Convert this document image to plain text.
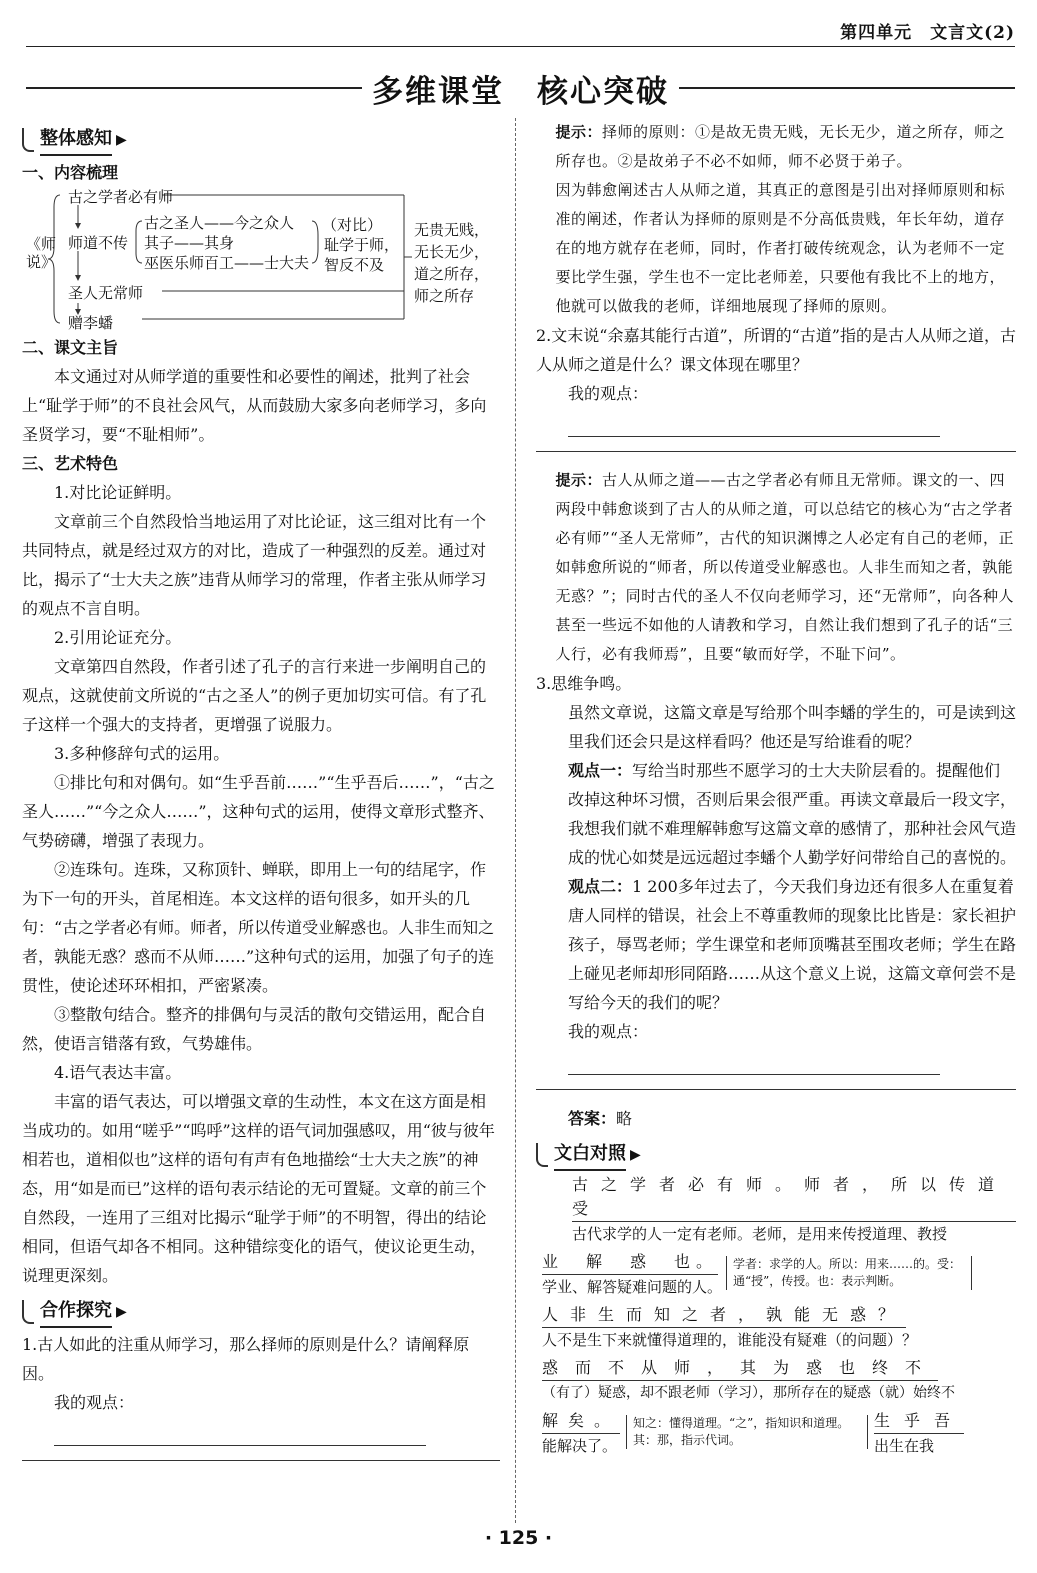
第四单元　文言文(2)
多维课堂　核心突破
整体感知 ▶
一、内容梳理
《师说》
古之学者必有师
师道不传
古之圣人——今之众人
其子——其身
巫医乐师百工——士大夫
（对比）
耻学于师，智反不及
圣人无常师
赠李蟠
无贵无贱，无长无少，道之所存，师之所存
二、课文主旨

本文通过对从师学道的重要性和必要性的阐述，批判了社会上“耻学于师”的不良社会风气，从而鼓励大家多向老师学习，多向圣贤学习，要“不耻相师”。

三、艺术特色

1.对比论证鲜明。

文章前三个自然段恰当地运用了对比论证，这三组对比有一个共同特点，就是经过双方的对比，造成了一种强烈的反差。通过对比，揭示了“士大夫之族”违背从师学习的常理，作者主张从师学习的观点不言自明。

2.引用论证充分。

文章第四自然段，作者引述了孔子的言行来进一步阐明自己的观点，这就使前文所说的“古之圣人”的例子更加切实可信。有了孔子这样一个强大的支持者，更增强了说服力。

3.多种修辞句式的运用。

①排比句和对偶句。如“生乎吾前……”“生乎吾后……”，“古之圣人……”“今之众人……”，这种句式的运用，使得文章形式整齐、气势磅礴，增强了表现力。

②连珠句。连珠，又称顶针、蝉联，即用上一句的结尾字，作为下一句的开头，首尾相连。本文这样的语句很多，如开头的几句：“古之学者必有师。师者，所以传道受业解惑也。人非生而知之者，孰能无惑？惑而不从师……”这种句式的运用，加强了句子的连贯性，使论述环环相扣，严密紧凑。

③整散句结合。整齐的排偶句与灵活的散句交错运用，配合自然，使语言错落有致，气势雄伟。

4.语气表达丰富。

丰富的语气表达，可以增强文章的生动性，本文在这方面是相当成功的。如用“嗟乎”“呜呼”这样的语气词加强感叹，用“彼与彼年相若也，道相似也”这样的语句有声有色地描绘“士大夫之族”的神态，用“如是而已”这样的语句表示结论的无可置疑。文章的前三个自然段，一连用了三组对比揭示“耻学于师”的不明智，得出的结论相同，但语气却各不相同。这种错综变化的语气，使议论更生动，说理更深刻。

合作探究 ▶

1.古人如此的注重从师学习，那么择师的原则是什么？请阐释原因。

我的观点：

提示：择师的原则：①是故无贵无贱，无长无少，道之所存，师之所存也。②是故弟子不必不如师，师不必贤于弟子。

因为韩愈阐述古人从师之道，其真正的意图是引出对择师原则和标准的阐述，作者认为择师的原则是不分高低贵贱，年长年幼，道存在的地方就存在老师，同时，作者打破传统观念，认为老师不一定要比学生强，学生也不一定比老师差，只要他有我比不上的地方，他就可以做我的老师，详细地展现了择师的原则。

2.文末说“余嘉其能行古道”，所谓的“古道”指的是古人从师之道，古人从师之道是什么？课文体现在哪里？

我的观点：

提示：古人从师之道——古之学者必有师且无常师。课文的一、四两段中韩愈谈到了古人的从师之道，可以总结它的核心为“古之学者必有师”“圣人无常师”，古代的知识渊博之人必定有自己的老师，正如韩愈所说的“师者，所以传道受业解惑也。人非生而知之者，孰能无惑？”；同时古代的圣人不仅向老师学习，还“无常师”，向各种人甚至一些远不如他的人请教和学习，自然让我们想到了孔子的话“三人行，必有我师焉”，且要“敏而好学，不耻下问”。

3.思维争鸣。

虽然文章说，这篇文章是写给那个叫李蟠的学生的，可是读到这里我们还会只是这样看吗？他还是写给谁看的呢？

观点一：写给当时那些不愿学习的士大夫阶层看的。提醒他们改掉这种坏习惯，否则后果会很严重。再读文章最后一段文字，我想我们就不难理解韩愈写这篇文章的感情了，那种社会风气造成的忧心如焚是远远超过李蟠个人勤学好问带给自己的喜悦的。

观点二：1 200多年过去了，今天我们身边还有很多人在重复着唐人同样的错误，社会上不尊重教师的现象比比皆是：家长袒护孩子，辱骂老师；学生课堂和老师顶嘴甚至围攻老师；学生在路上碰见老师却形同陌路……从这个意义上说，这篇文章何尝不是写给今天的我们的呢？

我的观点：

答案：略

文白对照 ▶
古之学者必有师。师者，所以传道受
古代求学的人一定有老师。老师，是用来传授道理、教授
业　解　惑　也。
学业、解答疑难问题的人。
学者：求学的人。所以：用来……的。受：通“授”，传授。也：表示判断。
人非生而知之者，孰能无惑？
人不是生下来就懂得道理的，谁能没有疑难（的问题）？
惑而不从师，其为惑也终不
（有了）疑惑，却不跟老师（学习），那所存在的疑惑（就）始终不
解矣。
能解决了。
知之：懂得道理。“之”，指知识和道理。其：那，指示代词。
生乎吾
出生在我
· 125 ·
